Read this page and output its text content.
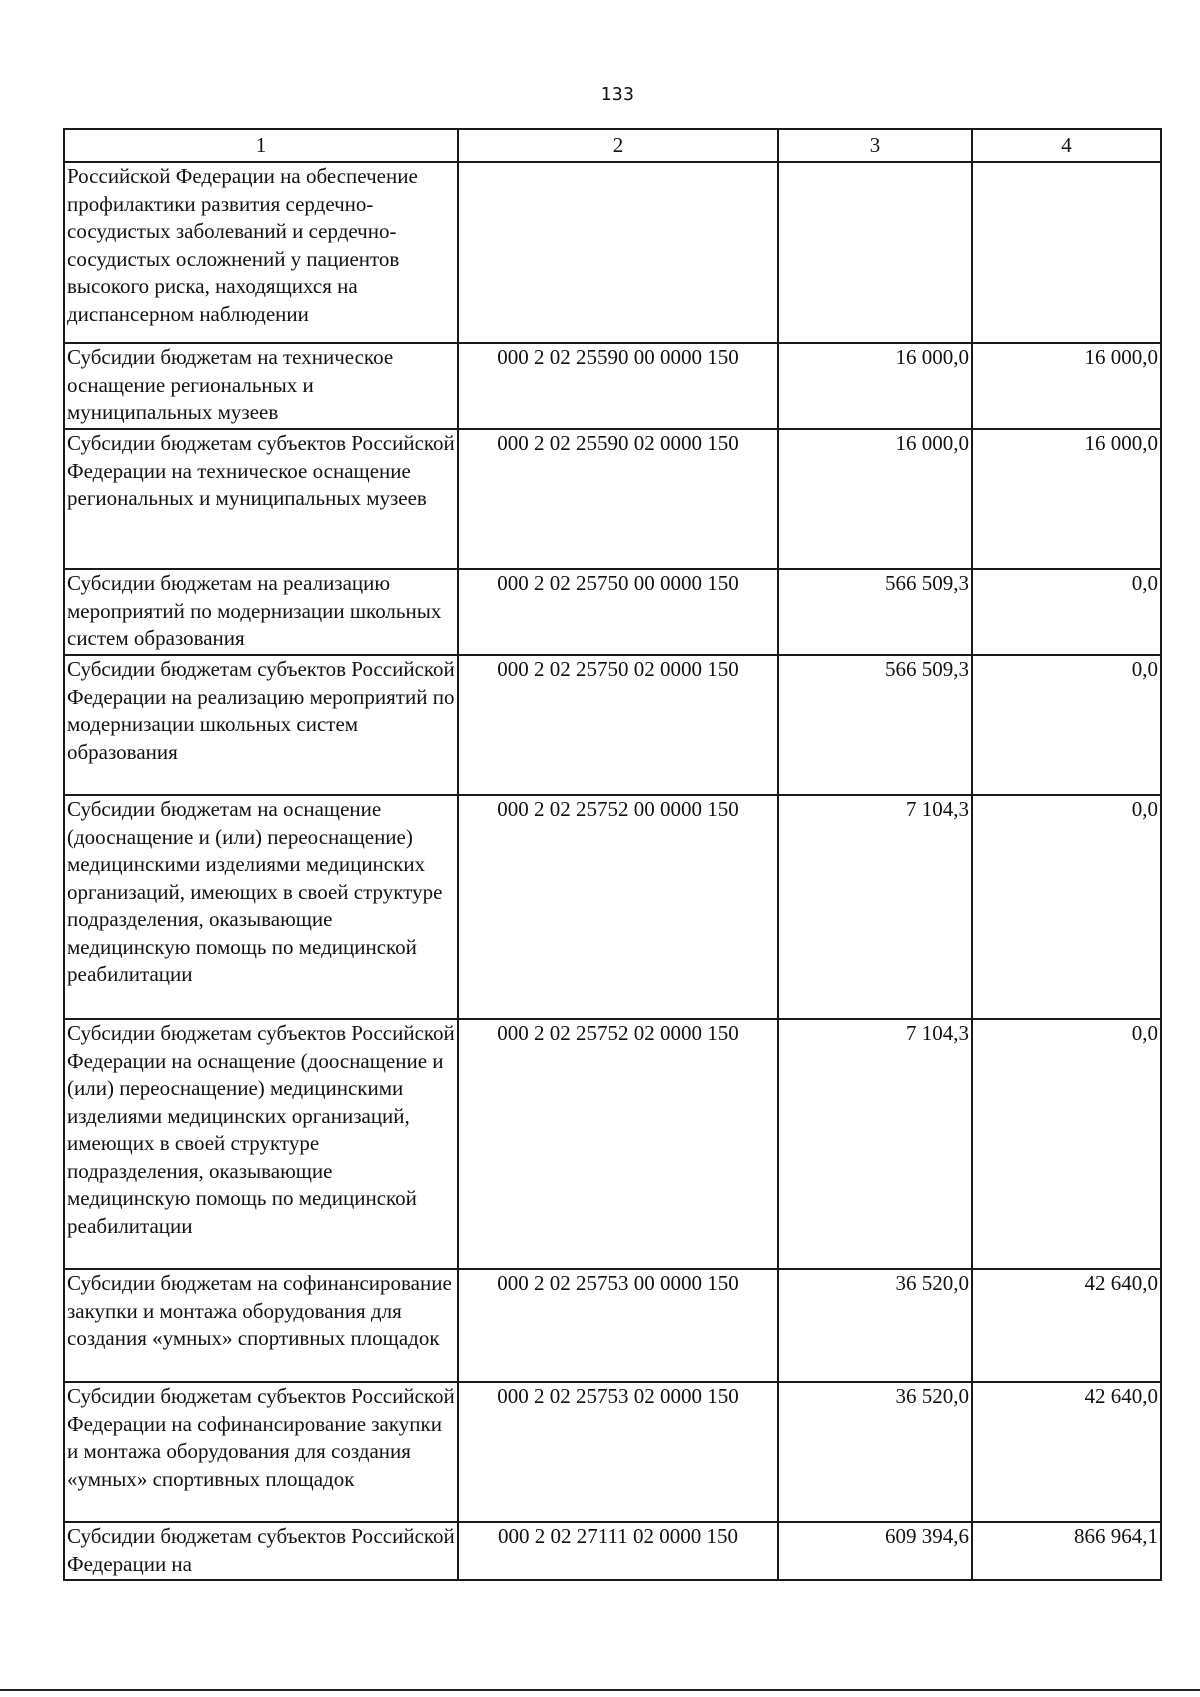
133
1	2	3	4
Российской Федерации на обеспечение профилактики развития сердечно-сосудистых заболеваний и сердечно-сосудистых осложнений у пациентов высокого риска, находящихся на диспансерном наблюдении			
Субсидии бюджетам на техническое оснащение региональных и муниципальных музеев	000 2 02 25590 00 0000 150	16 000,0	16 000,0
Субсидии бюджетам субъектов Российской Федерации на техническое оснащение региональных и муниципальных музеев	000 2 02 25590 02 0000 150	16 000,0	16 000,0
Субсидии бюджетам на реализацию мероприятий по модернизации школьных систем образования	000 2 02 25750 00 0000 150	566 509,3	0,0
Субсидии бюджетам субъектов Российской Федерации на реализацию мероприятий по модернизации школьных систем образования	000 2 02 25750 02 0000 150	566 509,3	0,0
Субсидии бюджетам на оснащение (дооснащение и (или) переоснащение) медицинскими изделиями медицинских организаций, имеющих в своей структуре подразделения, оказывающие медицинскую помощь по медицинской реабилитации	000 2 02 25752 00 0000 150	7 104,3	0,0
Субсидии бюджетам субъектов Российской Федерации на оснащение (дооснащение и (или) переоснащение) медицинскими изделиями медицинских организаций, имеющих в своей структуре подразделения, оказывающие медицинскую помощь по медицинской реабилитации	000 2 02 25752 02 0000 150	7 104,3	0,0
Субсидии бюджетам на софинансирование закупки и монтажа оборудования для создания «умных» спортивных площадок	000 2 02 25753 00 0000 150	36 520,0	42 640,0
Субсидии бюджетам субъектов Российской Федерации на софинансирование закупки и монтажа оборудования для создания «умных» спортивных площадок	000 2 02 25753 02 0000 150	36 520,0	42 640,0
Субсидии бюджетам субъектов Российской Федерации на	000 2 02 27111 02 0000 150	609 394,6	866 964,1
